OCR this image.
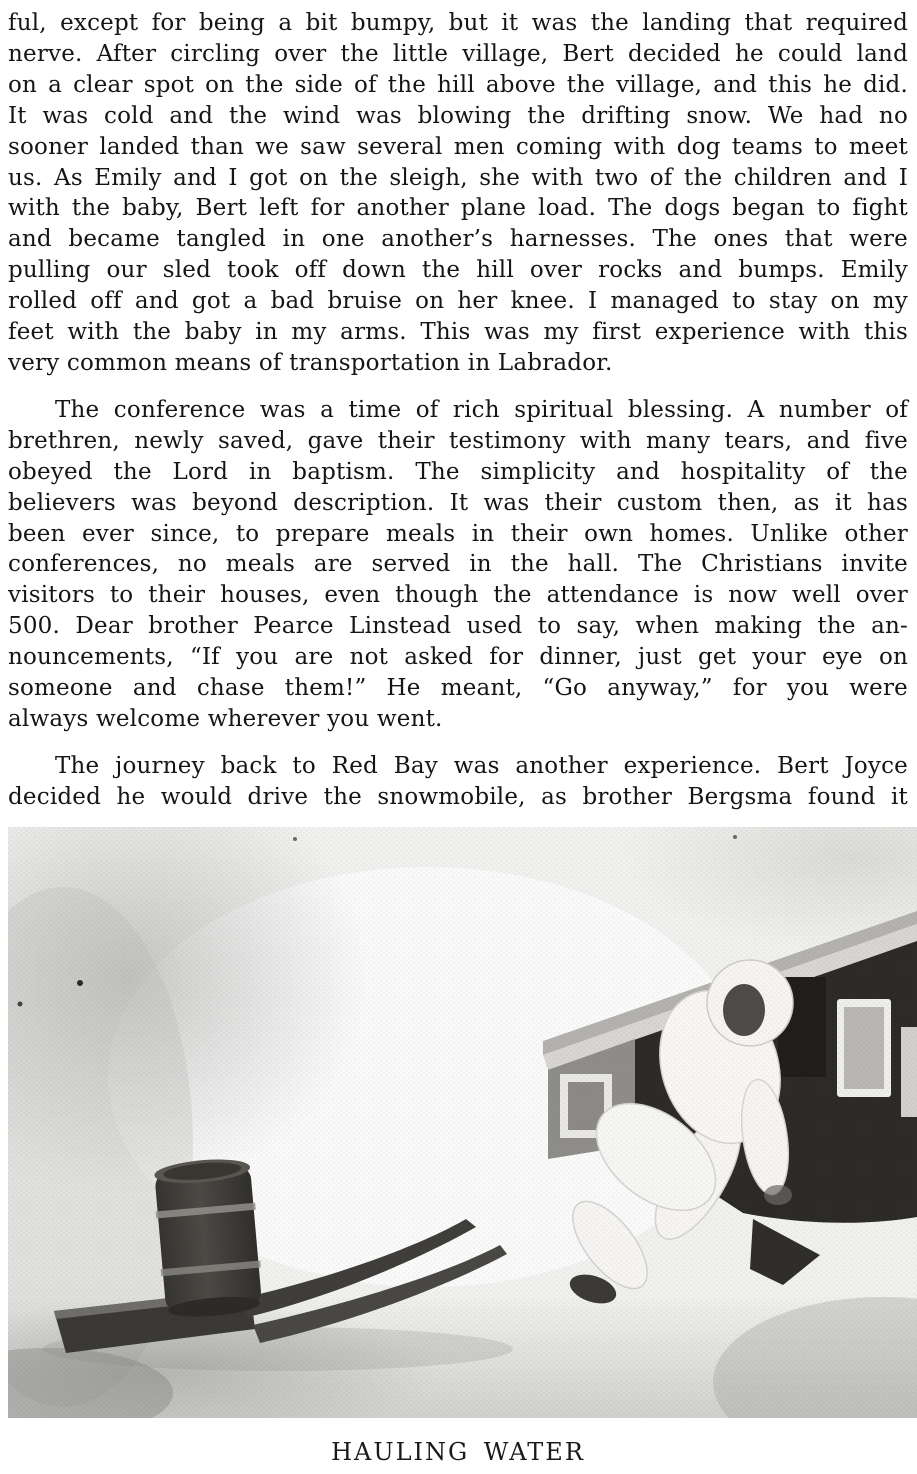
ful, except for being a bit bumpy, but it was the landing that required
nerve. After circling over the little village, Bert decided he could land
on a clear spot on the side of the hill above the village, and this he did.
It was cold and the wind was blowing the drifting snow. We had no
sooner landed than we saw several men coming with dog teams to meet
us. As Emily and I got on the sleigh, she with two of the children and I
with the baby, Bert left for another plane load. The dogs began to fight
and became tangled in one another’s harnesses. The ones that were
pulling our sled took off down the hill over rocks and bumps. Emily
rolled off and got a bad bruise on her knee. I managed to stay on my
feet with the baby in my arms. This was my first experience with this
very common means of transportation in Labrador.
The conference was a time of rich spiritual blessing. A number of
brethren, newly saved, gave their testimony with many tears, and five
obeyed the Lord in baptism. The simplicity and hospitality of the
believers was beyond description. It was their custom then, as it has
been ever since, to prepare meals in their own homes. Unlike other
conferences, no meals are served in the hall. The Christians invite
visitors to their houses, even though the attendance is now well over
500. Dear brother Pearce Linstead used to say, when making the an-
nouncements, “If you are not asked for dinner, just get your eye on
someone and chase them!” He meant, “Go anyway,” for you were
always welcome wherever you went.
The journey back to Red Bay was another experience. Bert Joyce
decided he would drive the snowmobile, as brother Bergsma found it
HAULING WATER
